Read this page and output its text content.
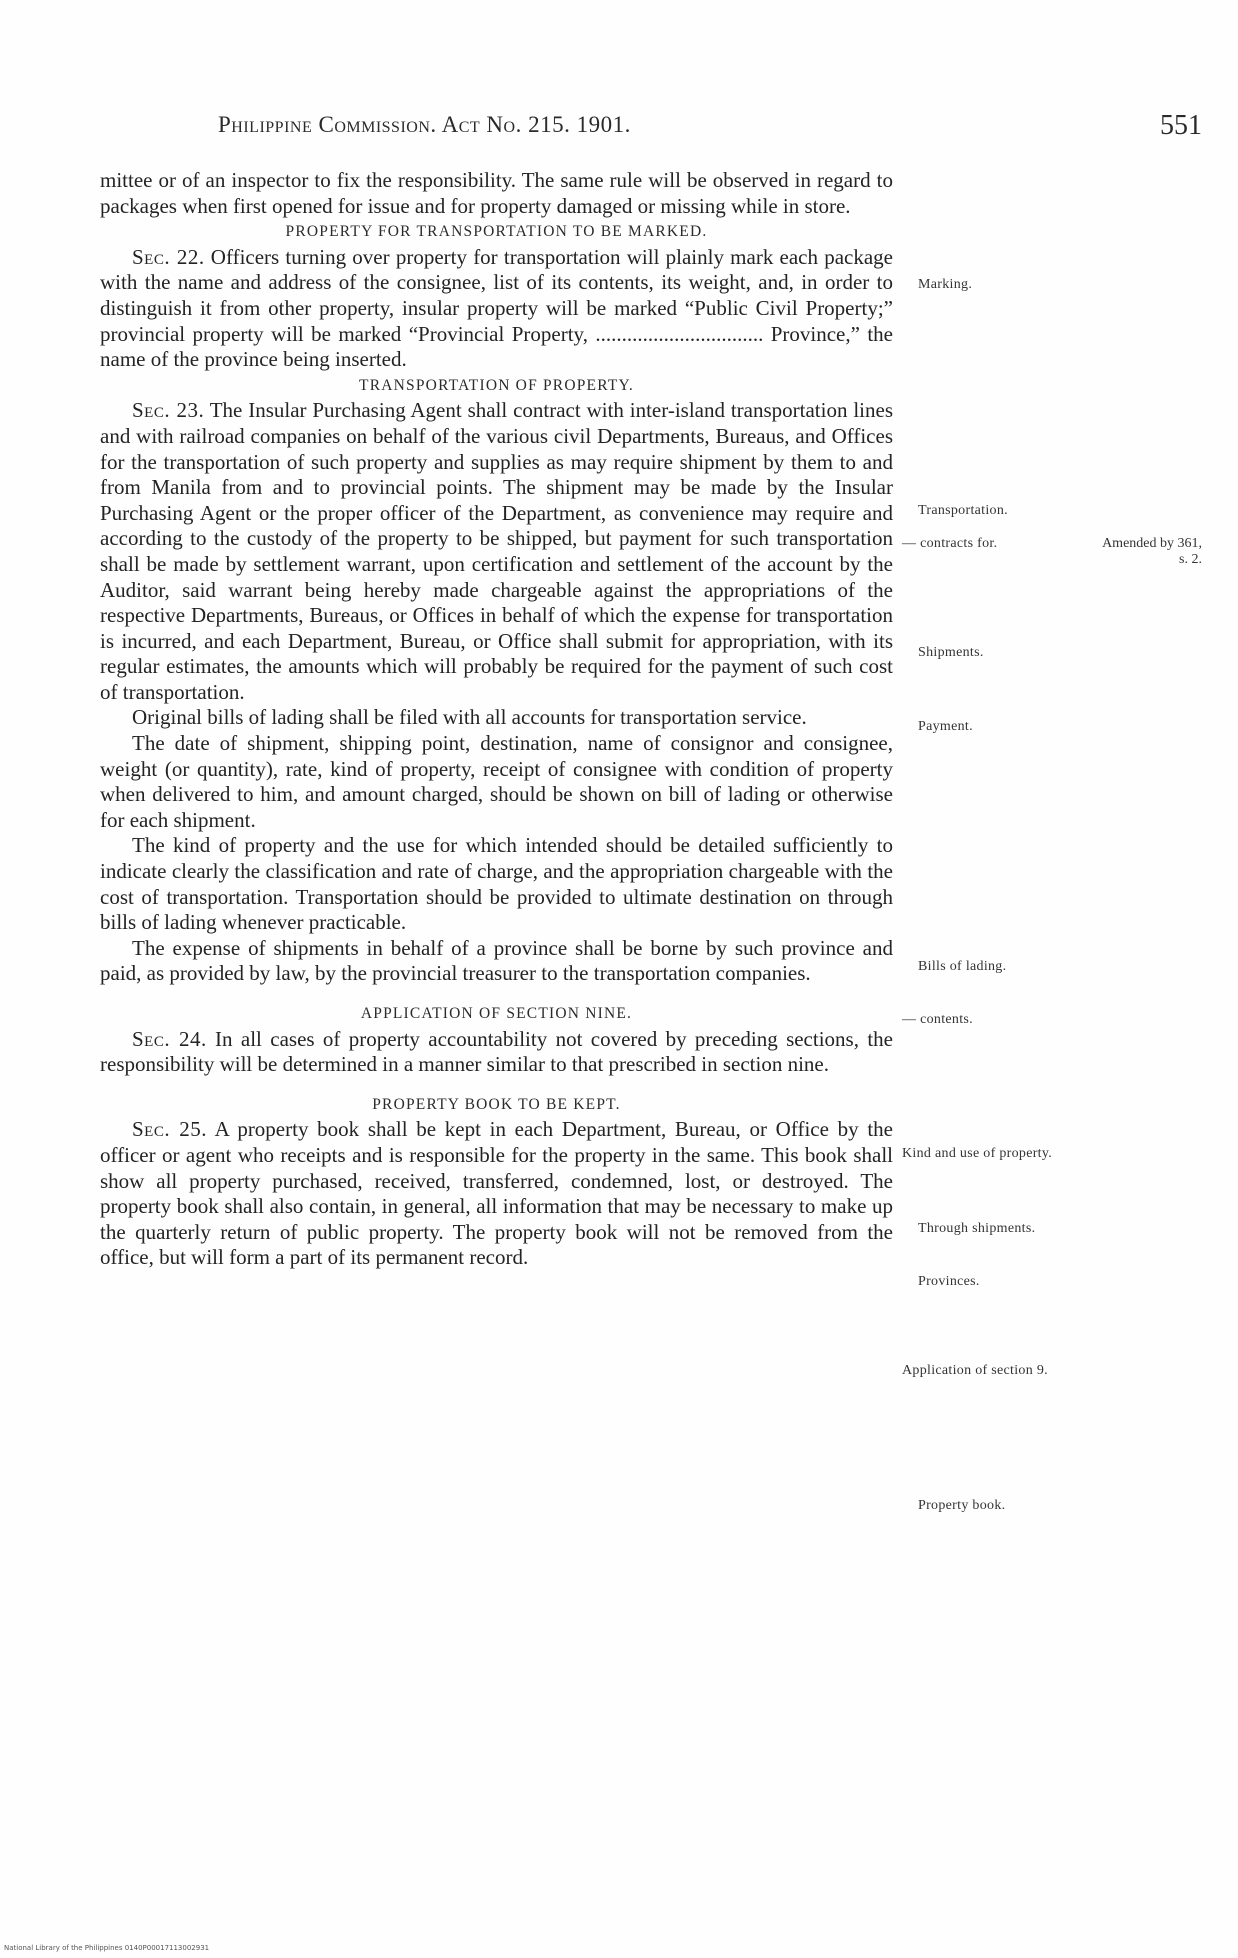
Philippine Commission. Act No. 215. 1901.	551

mittee or of an inspector to fix the responsibility. The same rule will be observed in regard to packages when first opened for issue and for property damaged or missing while in store.

PROPERTY FOR TRANSPORTATION TO BE MARKED.

Sec. 22. Officers turning over property for transportation will plainly mark each package with the name and address of the consignee, list of its contents, its weight, and, in order to distinguish it from other property, insular property will be marked “Public Civil Property;” provincial property will be marked “Provincial Property, ................................ Province,” the name of the province being inserted.

TRANSPORTATION OF PROPERTY.

Sec. 23. The Insular Purchasing Agent shall contract with inter-island transportation lines and with railroad companies on behalf of the various civil Departments, Bureaus, and Offices for the transportation of such property and supplies as may require shipment by them to and from Manila from and to provincial points. The shipment may be made by the Insular Purchasing Agent or the proper officer of the Department, as convenience may require and according to the custody of the property to be shipped, but payment for such transportation shall be made by settlement warrant, upon certification and settlement of the account by the Auditor, said warrant being hereby made chargeable against the appropriations of the respective Departments, Bureaus, or Offices in behalf of which the expense for transportation is incurred, and each Department, Bureau, or Office shall submit for appropriation, with its regular estimates, the amounts which will probably be required for the payment of such cost of transportation.

Original bills of lading shall be filed with all accounts for transportation service.

The date of shipment, shipping point, destination, name of consignor and consignee, weight (or quantity), rate, kind of property, receipt of consignee with condition of property when delivered to him, and amount charged, should be shown on bill of lading or otherwise for each shipment.

The kind of property and the use for which intended should be detailed sufficiently to indicate clearly the classification and rate of charge, and the appropriation chargeable with the cost of transportation. Transportation should be provided to ultimate destination on through bills of lading whenever practicable.

The expense of shipments in behalf of a province shall be borne by such province and paid, as provided by law, by the provincial treasurer to the transportation companies.

APPLICATION OF SECTION NINE.

Sec. 24. In all cases of property accountability not covered by preceding sections, the responsibility will be determined in a manner similar to that prescribed in section nine.

PROPERTY BOOK TO BE KEPT.

Sec. 25. A property book shall be kept in each Department, Bureau, or Office by the officer or agent who receipts and is responsible for the property in the same. This book shall show all property purchased, received, transferred, condemned, lost, or destroyed. The property book shall also contain, in general, all information that may be necessary to make up the quarterly return of public property. The property book will not be removed from the office, but will form a part of its permanent record.

Marking.
Transportation.
— contracts for.
Shipments.
Payment.
Bills of lading.
— contents.
Kind and use of property.
Through shipments.
Provinces.
Application of section 9.
Property book.
Amended by 361, s. 2.
National Library of the Philippines 0140P00017113002931
